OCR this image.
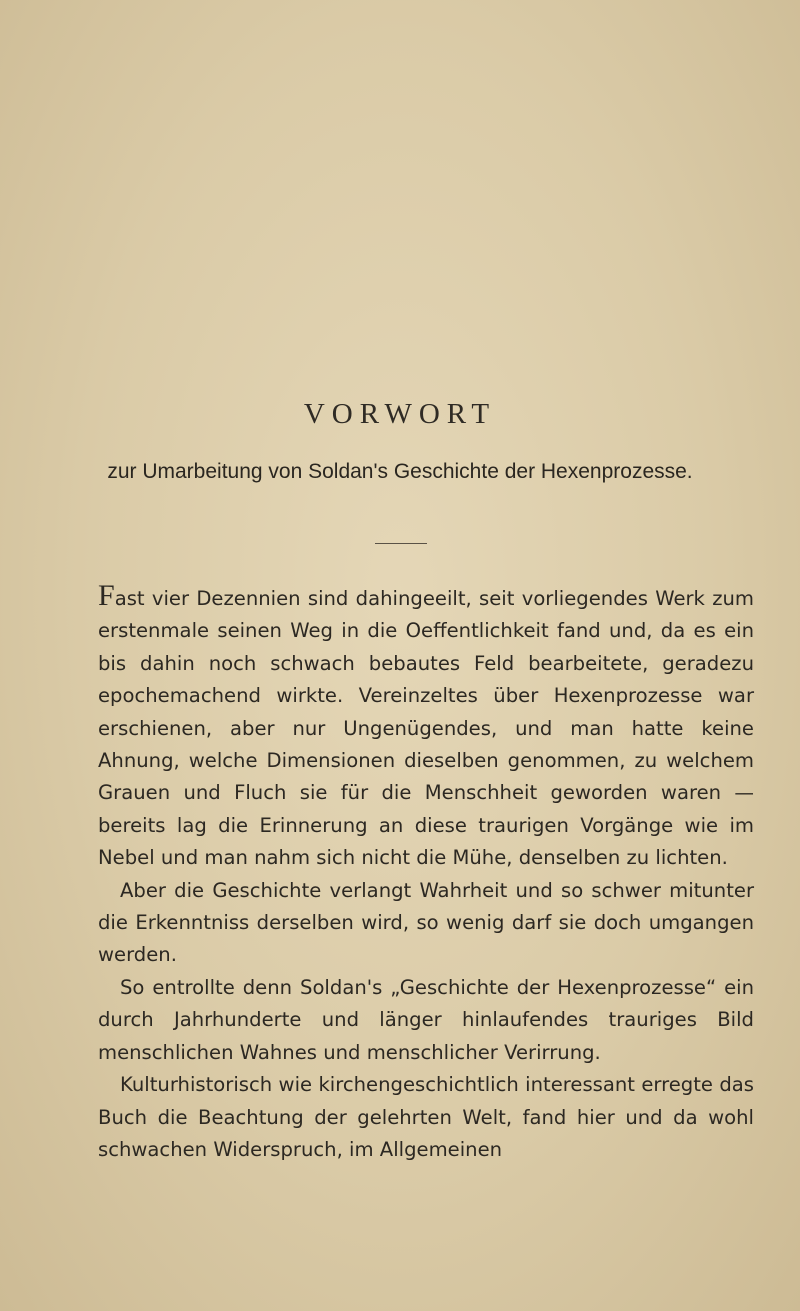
VORWORT
zur Umarbeitung von Soldan's Geschichte der Hexenprozesse.

Fast vier Dezennien sind dahingeeilt, seit vorliegendes Werk zum erstenmale seinen Weg in die Oeffentlichkeit fand und, da es ein bis dahin noch schwach bebautes Feld bearbeitete, geradezu epochemachend wirkte. Vereinzeltes über Hexenprozesse war erschienen, aber nur Ungenügendes, und man hatte keine Ahnung, welche Dimensionen dieselben genommen, zu welchem Grauen und Fluch sie für die Menschheit geworden waren — bereits lag die Erinnerung an diese traurigen Vorgänge wie im Nebel und man nahm sich nicht die Mühe, denselben zu lichten.

Aber die Geschichte verlangt Wahrheit und so schwer mitunter die Erkenntniss derselben wird, so wenig darf sie doch umgangen werden.

So entrollte denn Soldan's „Geschichte der Hexenprozesse“ ein durch Jahrhunderte und länger hinlaufendes trauriges Bild menschlichen Wahnes und menschlicher Verirrung.

Kulturhistorisch wie kirchengeschichtlich interessant erregte das Buch die Beachtung der gelehrten Welt, fand hier und da wohl schwachen Widerspruch, im Allgemeinen
